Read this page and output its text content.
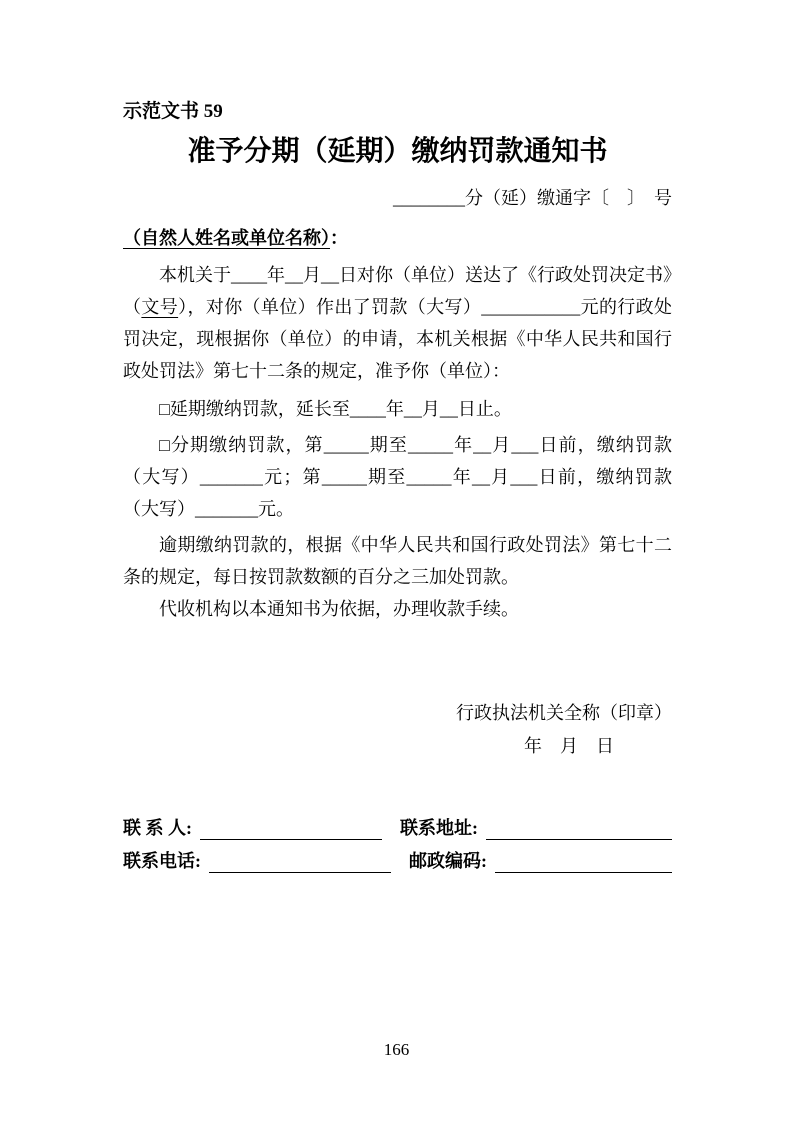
示范文书 59
准予分期（延期）缴纳罚款通知书
________分（延）缴通字〔　〕　号
（自然人姓名或单位名称）：

本机关于____年__月__日对你（单位）送达了《行政处罚决定书》（文号），对你（单位）作出了罚款（大写）___________元的行政处罚决定，现根据你（单位）的申请，本机关根据《中华人民共和国行政处罚法》第七十二条的规定，准予你（单位）：

□延期缴纳罚款，延长至____年__月__日止。

□分期缴纳罚款，第_____期至_____年__月___日前，缴纳罚款（大写）_______元；第_____期至_____年__月___日前，缴纳罚款（大写）_______元。

逾期缴纳罚款的，根据《中华人民共和国行政处罚法》第七十二条的规定，每日按罚款数额的百分之三加处罚款。

代收机构以本通知书为依据，办理收款手续。

行政执法机关全称（印章）
年　月　日
联 系 人:	联系地址:
联系电话:	邮政编码:
166
